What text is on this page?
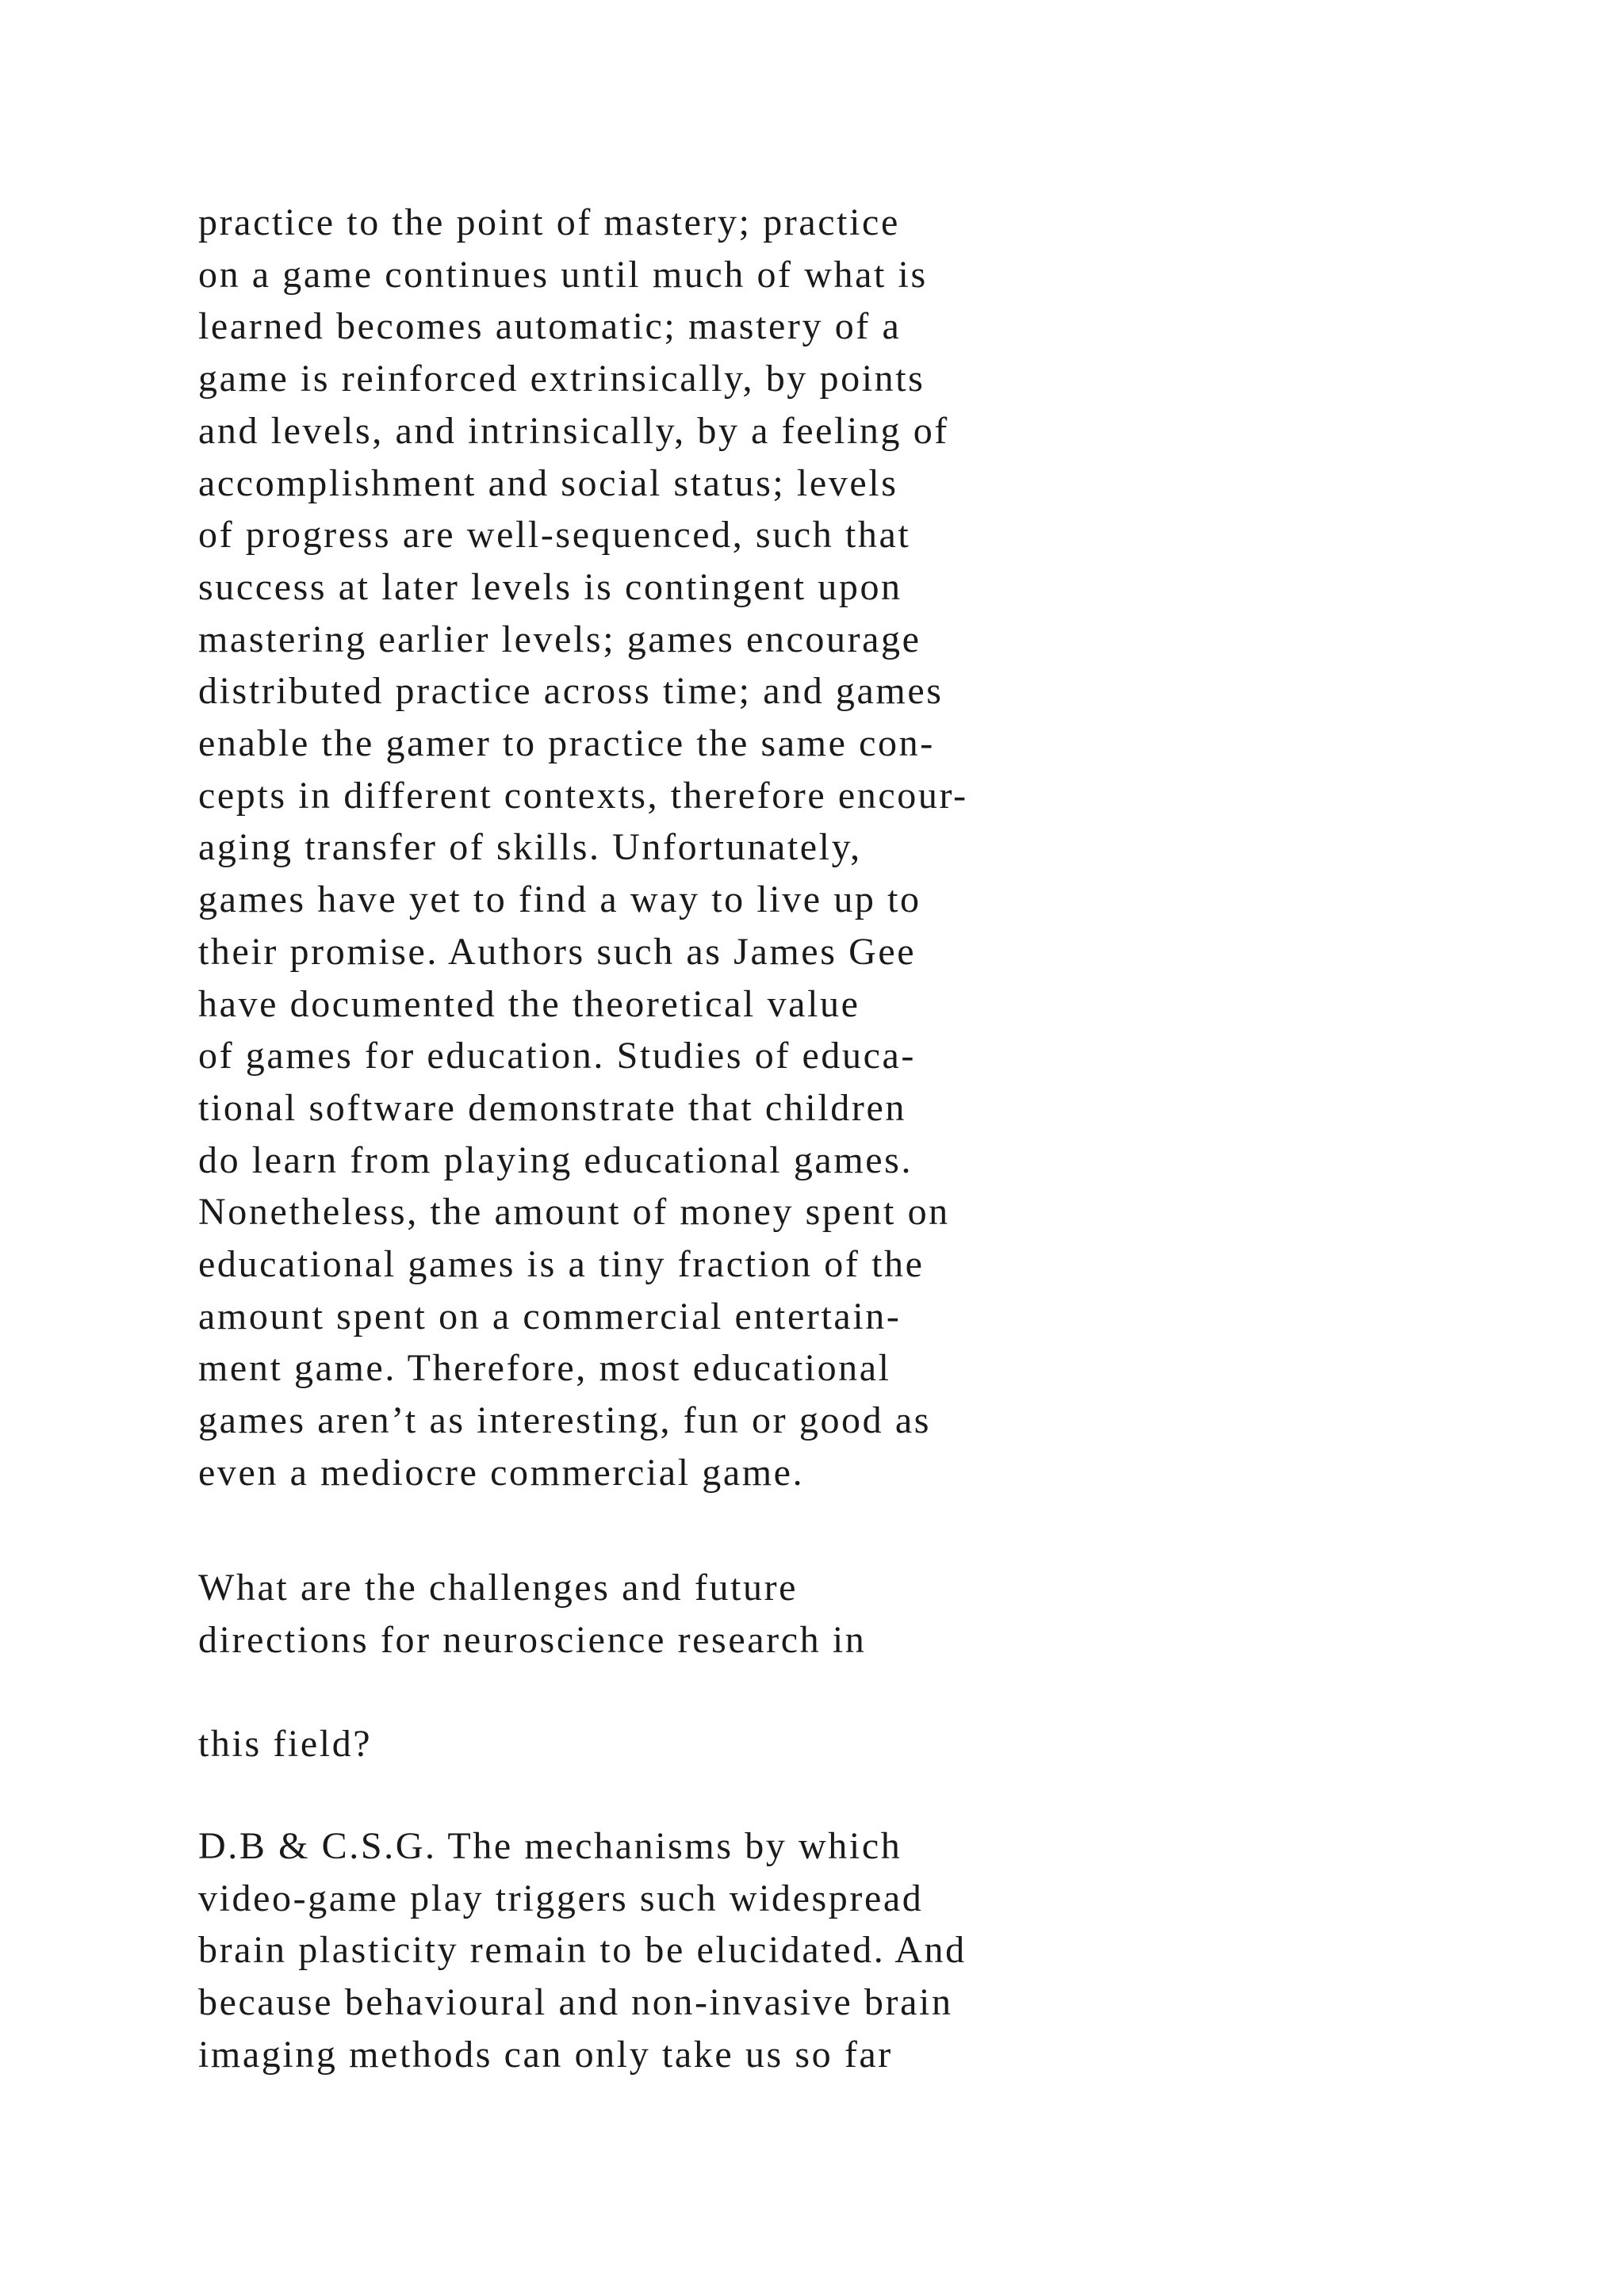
practice to the point of mastery; practice
on a game continues until much of what is
learned becomes automatic; mastery of a
game is reinforced extrinsically, by points
and levels, and intrinsically, by a feeling of
accomplishment and social status; levels
of progress are well-sequenced, such that
success at later levels is contingent upon
mastering earlier levels; games encourage
distributed practice across time; and games
enable the gamer to practice the same con-
cepts in different contexts, therefore encour-
aging transfer of skills. Unfortunately,
games have yet to find a way to live up to
their promise. Authors such as James Gee
have documented the theoretical value
of games for education. Studies of educa-
tional software demonstrate that children
do learn from playing educational games.
Nonetheless, the amount of money spent on
educational games is a tiny fraction of the
amount spent on a commercial entertain-
ment game. Therefore, most educational
games aren’t as interesting, fun or good as
even a mediocre commercial game.
What are the challenges and future
directions for neuroscience research in
this field?
D.B & C.S.G. The mechanisms by which
video-game play triggers such widespread
brain plasticity remain to be elucidated. And
because behavioural and non-invasive brain
imaging methods can only take us so far
